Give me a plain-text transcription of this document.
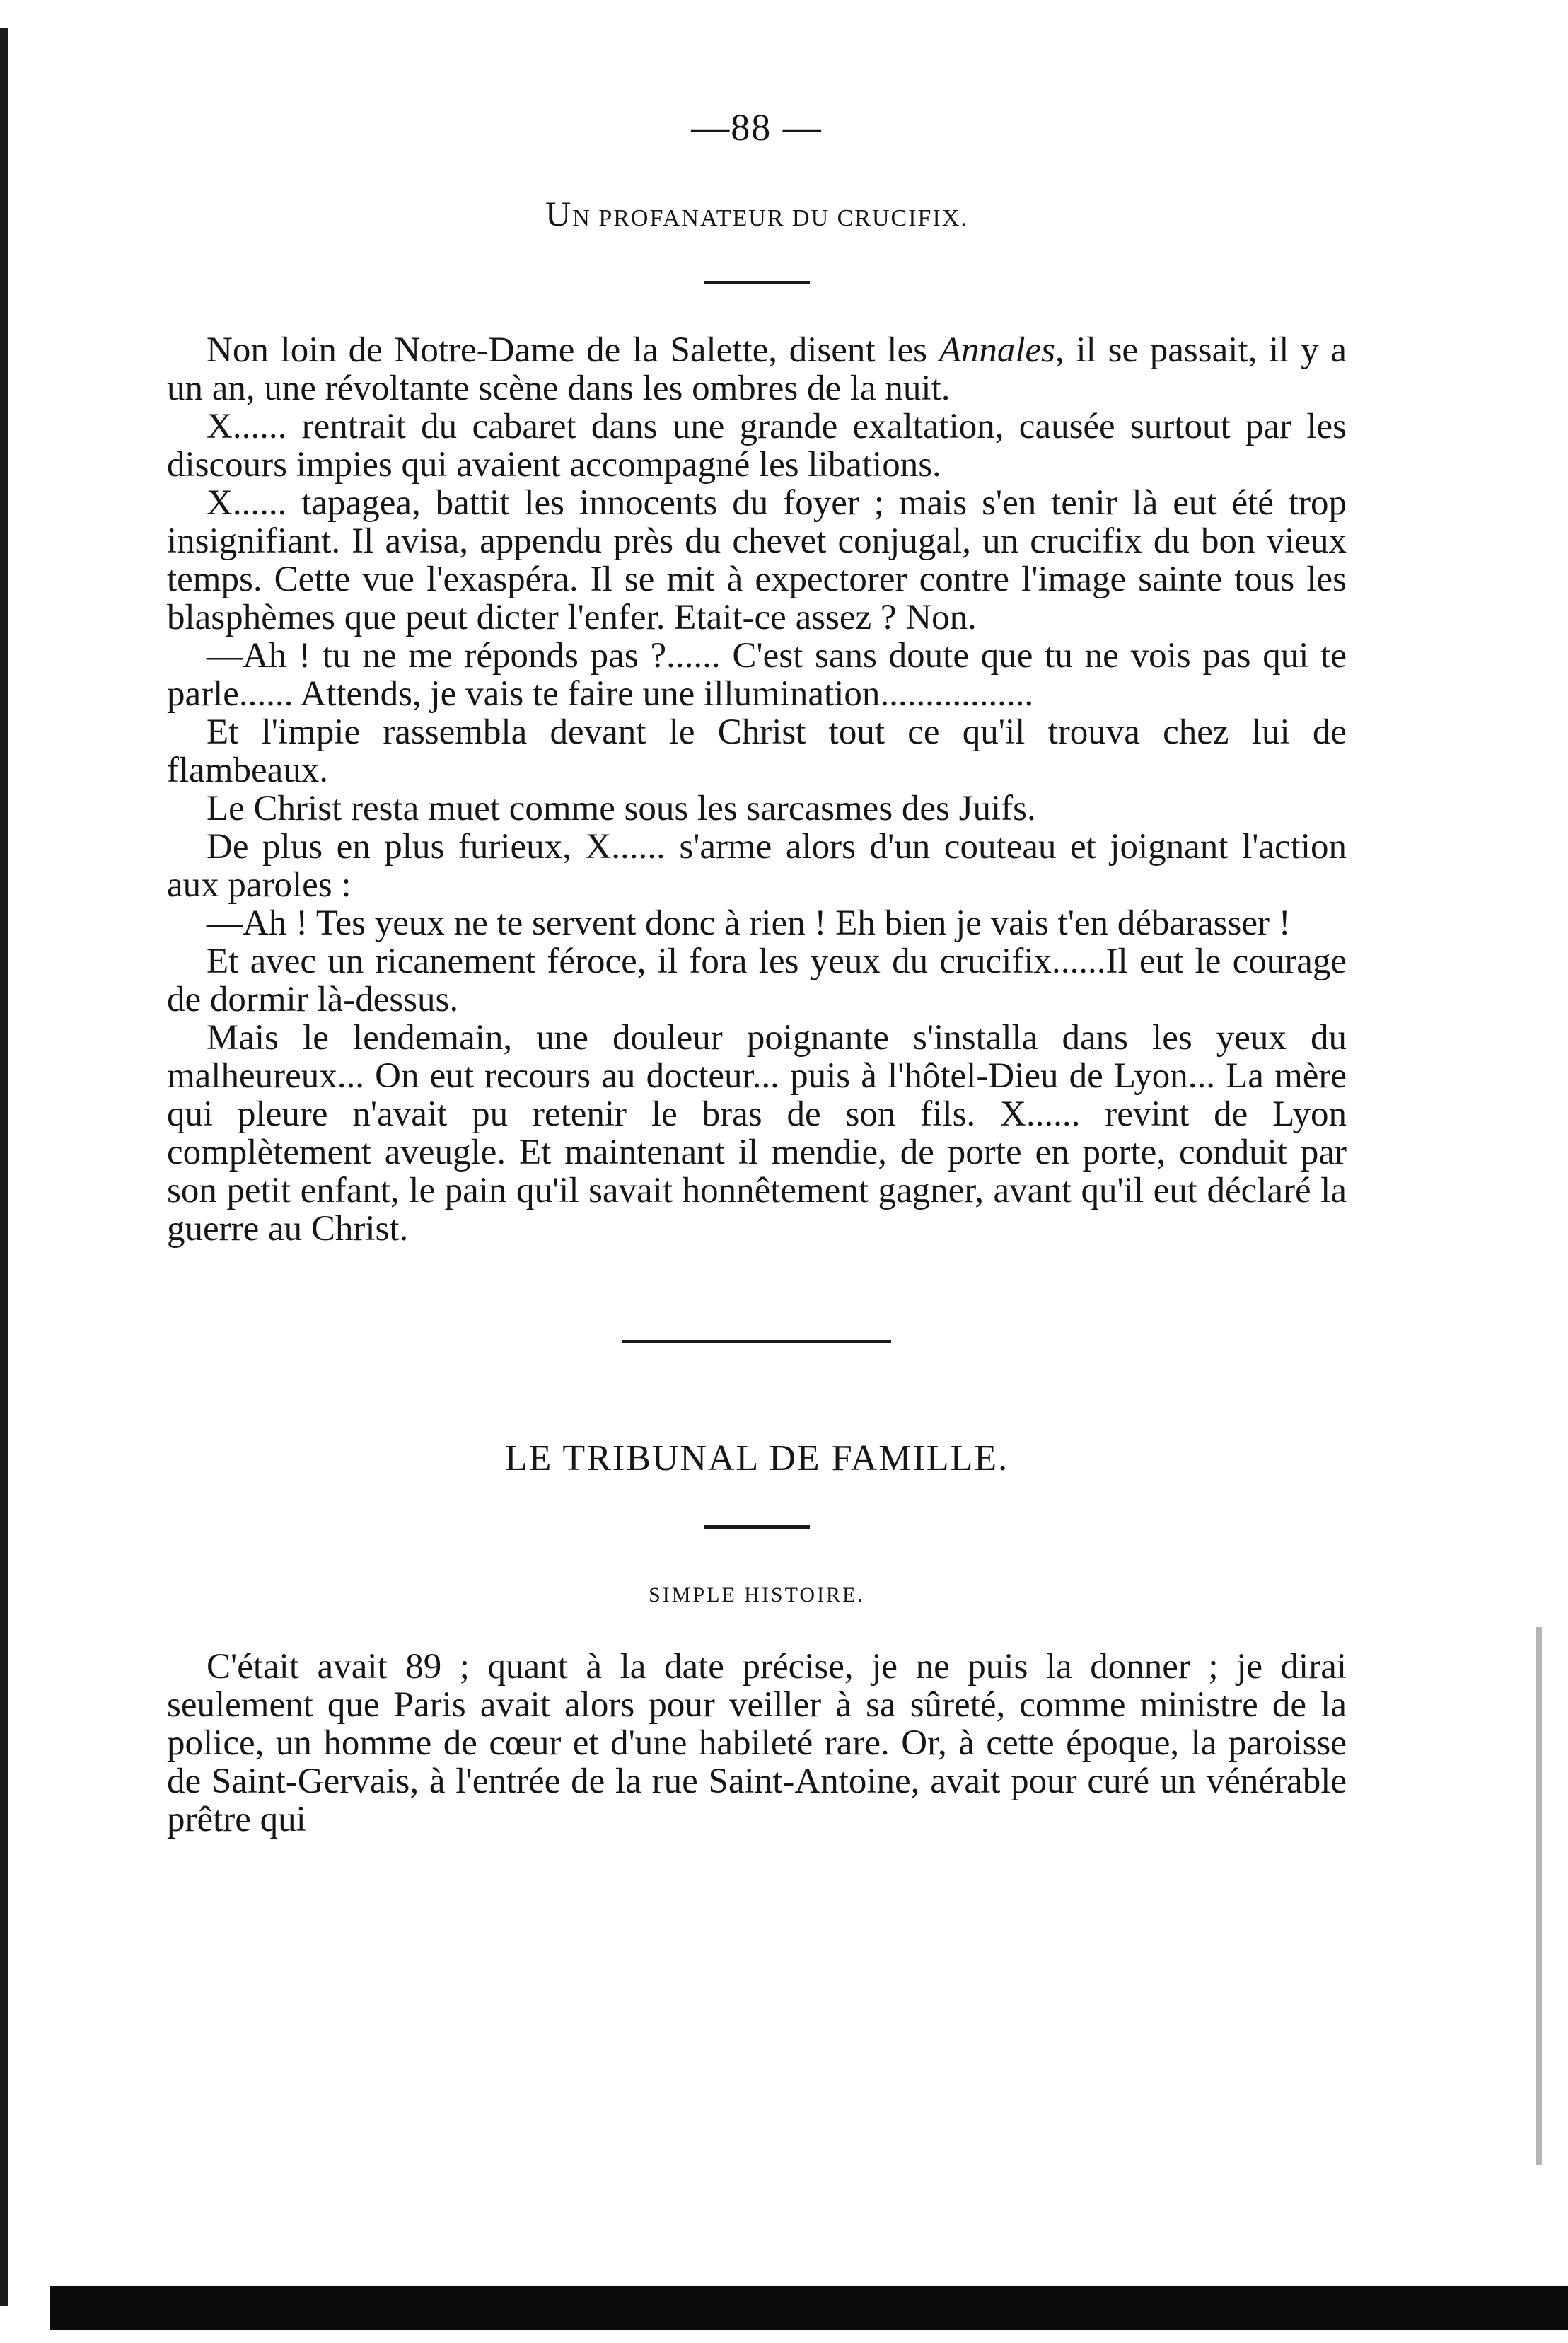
—88 —

UN PROFANATEUR DU CRUCIFIX.

Non loin de Notre-Dame de la Salette, disent les Annales, il se passait, il y a un an, une révoltante scène dans les ombres de la nuit.

X...... rentrait du cabaret dans une grande exaltation, causée surtout par les discours impies qui avaient accompagné les libations.

X...... tapagea, battit les innocents du foyer ; mais s'en tenir là eut été trop insignifiant. Il avisa, appendu près du chevet conjugal, un crucifix du bon vieux temps. Cette vue l'exaspéra. Il se mit à expectorer contre l'image sainte tous les blasphèmes que peut dicter l'enfer. Etait-ce assez ? Non.

—Ah ! tu ne me réponds pas ?...... C'est sans doute que tu ne vois pas qui te parle...... Attends, je vais te faire une illumination.................

Et l'impie rassembla devant le Christ tout ce qu'il trouva chez lui de flambeaux.

Le Christ resta muet comme sous les sarcasmes des Juifs.

De plus en plus furieux, X...... s'arme alors d'un couteau et joignant l'action aux paroles :

—Ah ! Tes yeux ne te servent donc à rien ! Eh bien je vais t'en débarasser !

Et avec un ricanement féroce, il fora les yeux du crucifix......Il eut le courage de dormir là-dessus.

Mais le lendemain, une douleur poignante s'installa dans les yeux du malheureux... On eut recours au docteur... puis à l'hôtel-Dieu de Lyon... La mère qui pleure n'avait pu retenir le bras de son fils. X...... revint de Lyon complètement aveugle. Et maintenant il mendie, de porte en porte, conduit par son petit enfant, le pain qu'il savait honnêtement gagner, avant qu'il eut déclaré la guerre au Christ.

LE TRIBUNAL DE FAMILLE.

SIMPLE HISTOIRE.

C'était avait 89 ; quant à la date précise, je ne puis la donner ; je dirai seulement que Paris avait alors pour veiller à sa sûreté, comme ministre de la police, un homme de cœur et d'une habileté rare. Or, à cette époque, la paroisse de Saint-Gervais, à l'entrée de la rue Saint-Antoine, avait pour curé un vénérable prêtre qui
